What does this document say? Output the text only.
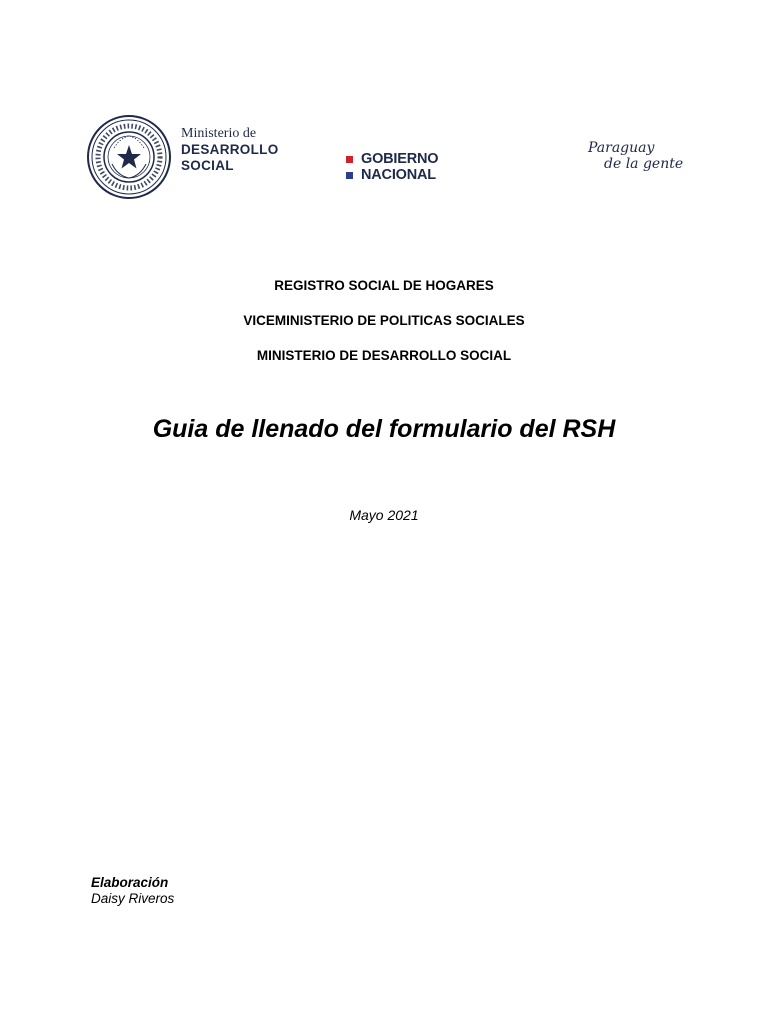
Ministerio de
DESARROLLO
SOCIAL	GOBIERNO
NACIONAL
Paraguay
de la gente
REGISTRO SOCIAL DE HOGARES
VICEMINISTERIO DE POLITICAS SOCIALES
MINISTERIO DE DESARROLLO SOCIAL
Guia de llenado del formulario del RSH
Mayo 2021
Elaboración
Daisy Riveros
